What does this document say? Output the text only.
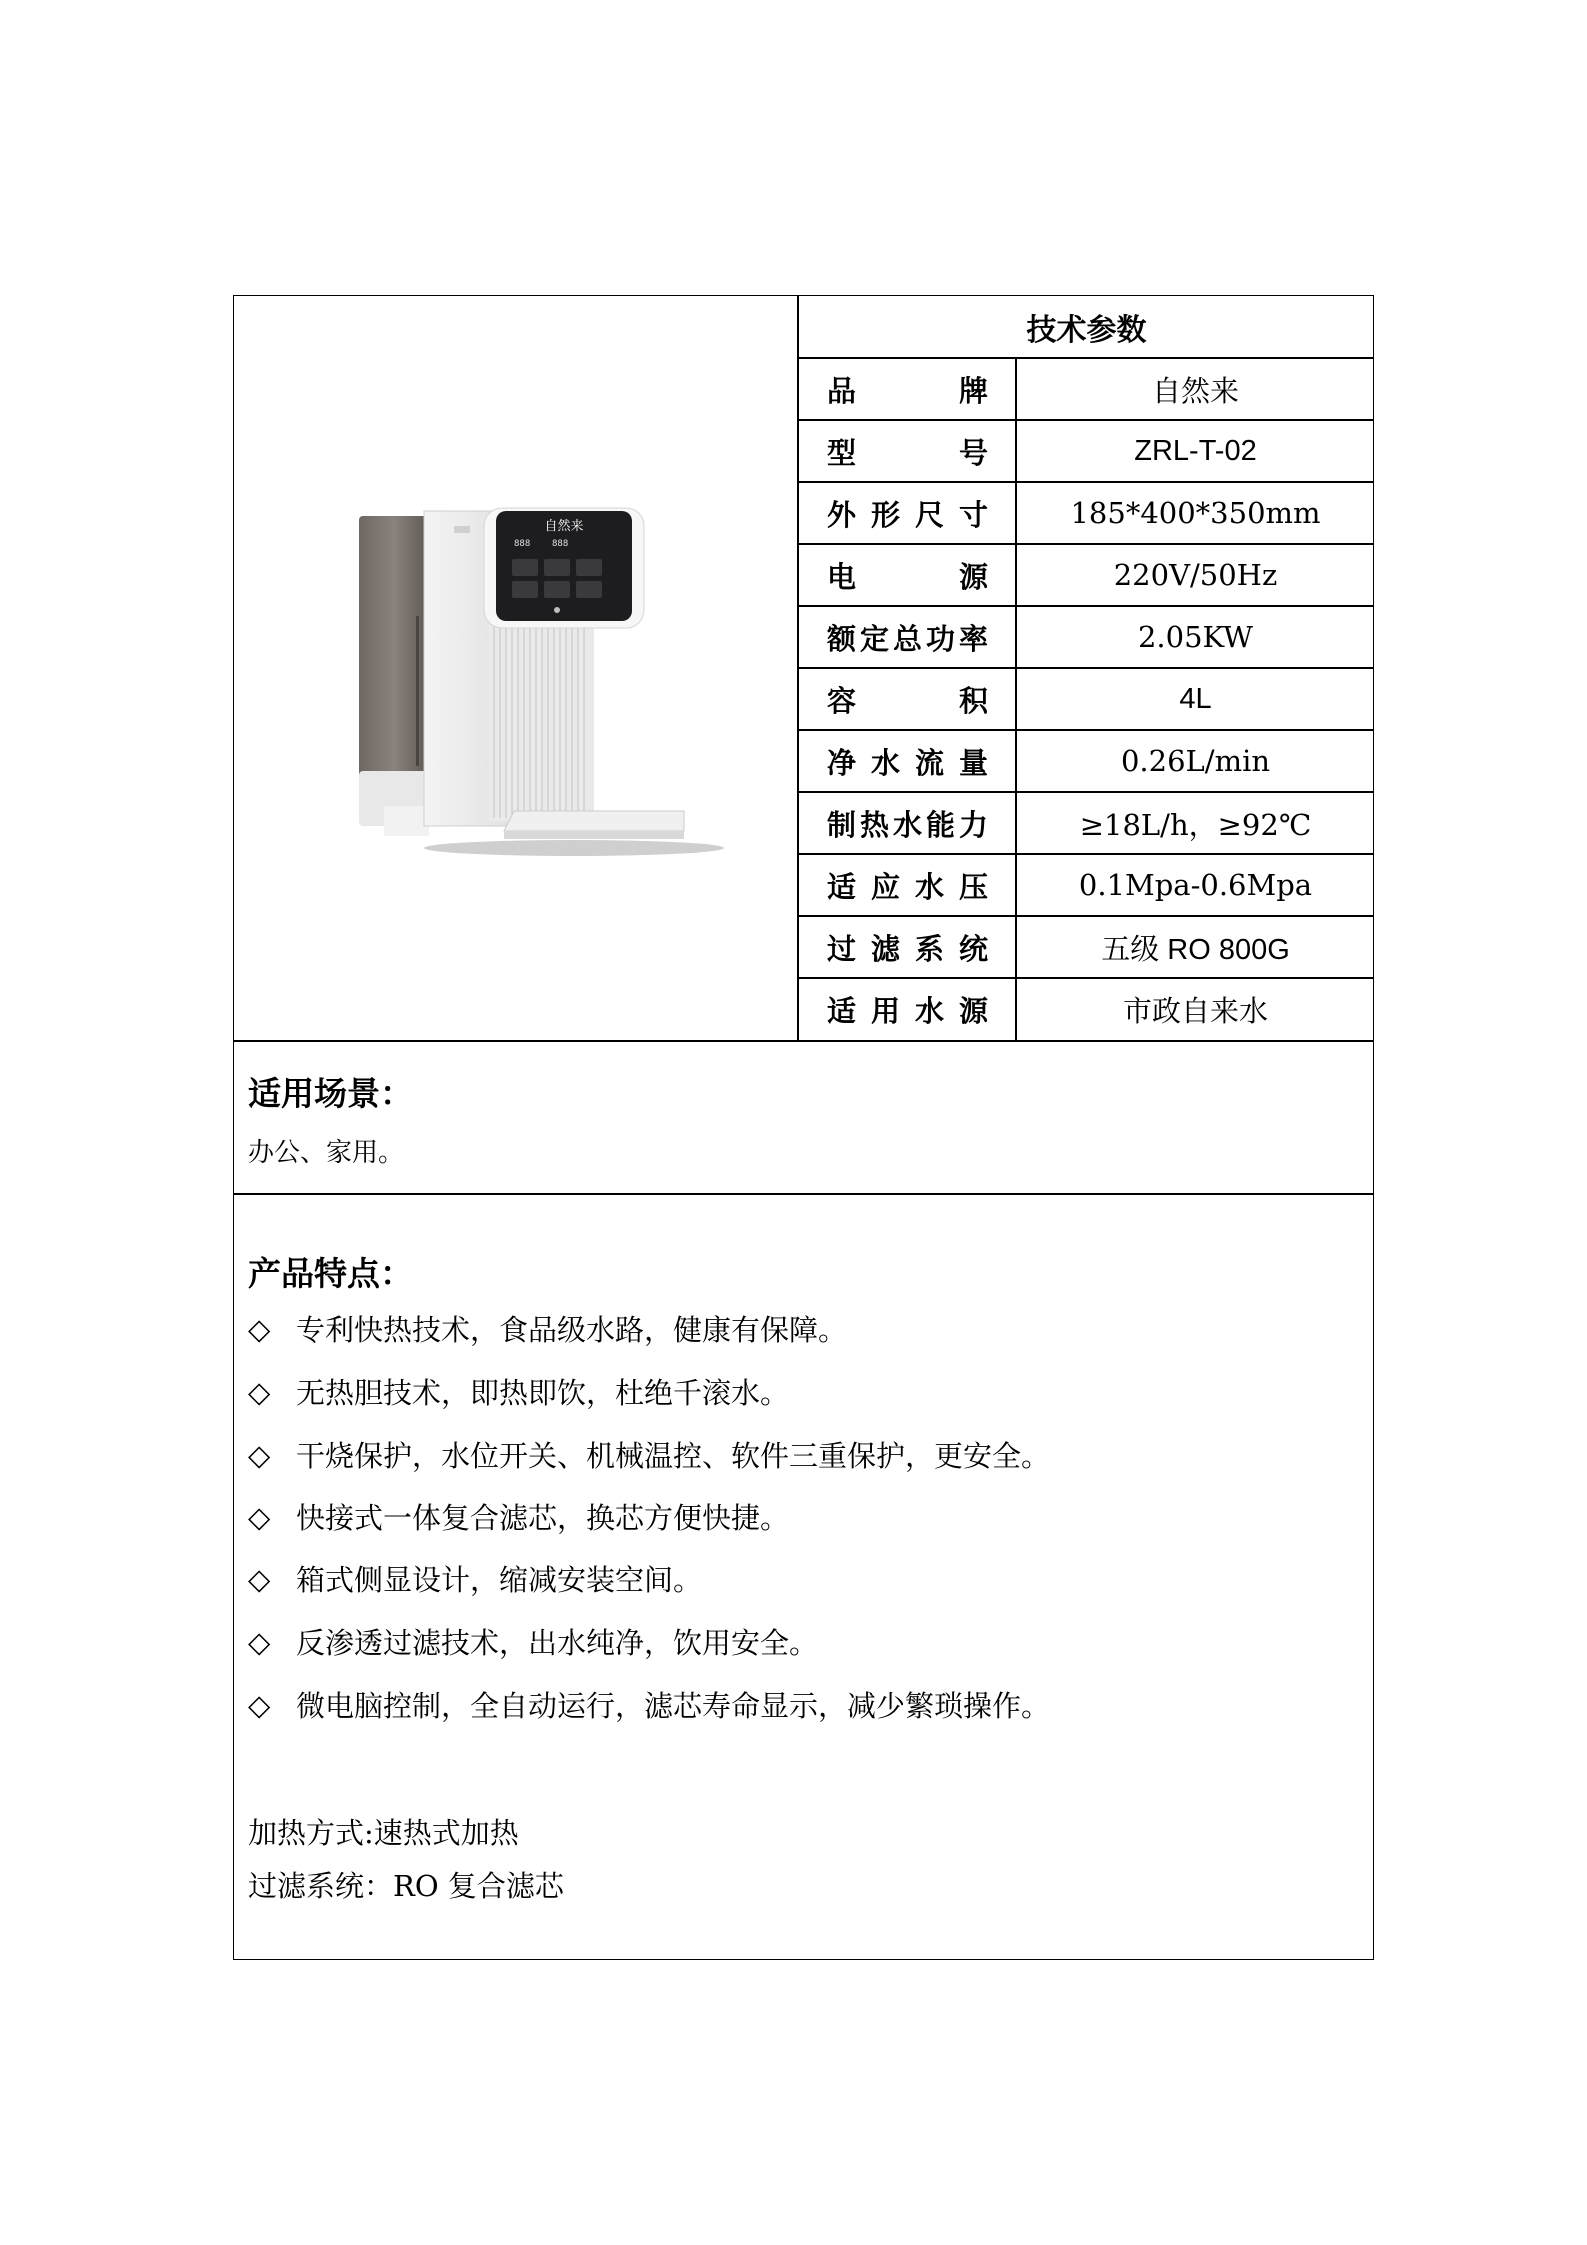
自然来
888 888
技术参数
品牌	自然来
型号	ZRL-T-02
外形尺寸	185*400*350mm
电源	220V/50Hz
额定总功率	2.05KW
容积	4L
净水流量	0.26L/min
制热水能力	≥18L/h，≥92℃
适应水压	0.1Mpa-0.6Mpa
过滤系统	五级 RO 800G
适用水源	市政自来水
适用场景：
办公、家用。
产品特点：
◇ 专利快热技术，食品级水路，健康有保障。
◇ 无热胆技术，即热即饮，杜绝千滚水。
◇ 干烧保护，水位开关、机械温控、软件三重保护，更安全。
◇ 快接式一体复合滤芯，换芯方便快捷。
◇ 箱式侧显设计，缩减安装空间。
◇ 反渗透过滤技术，出水纯净，饮用安全。
◇ 微电脑控制，全自动运行，滤芯寿命显示，减少繁琐操作。
加热方式:速热式加热
过滤系统：RO 复合滤芯
